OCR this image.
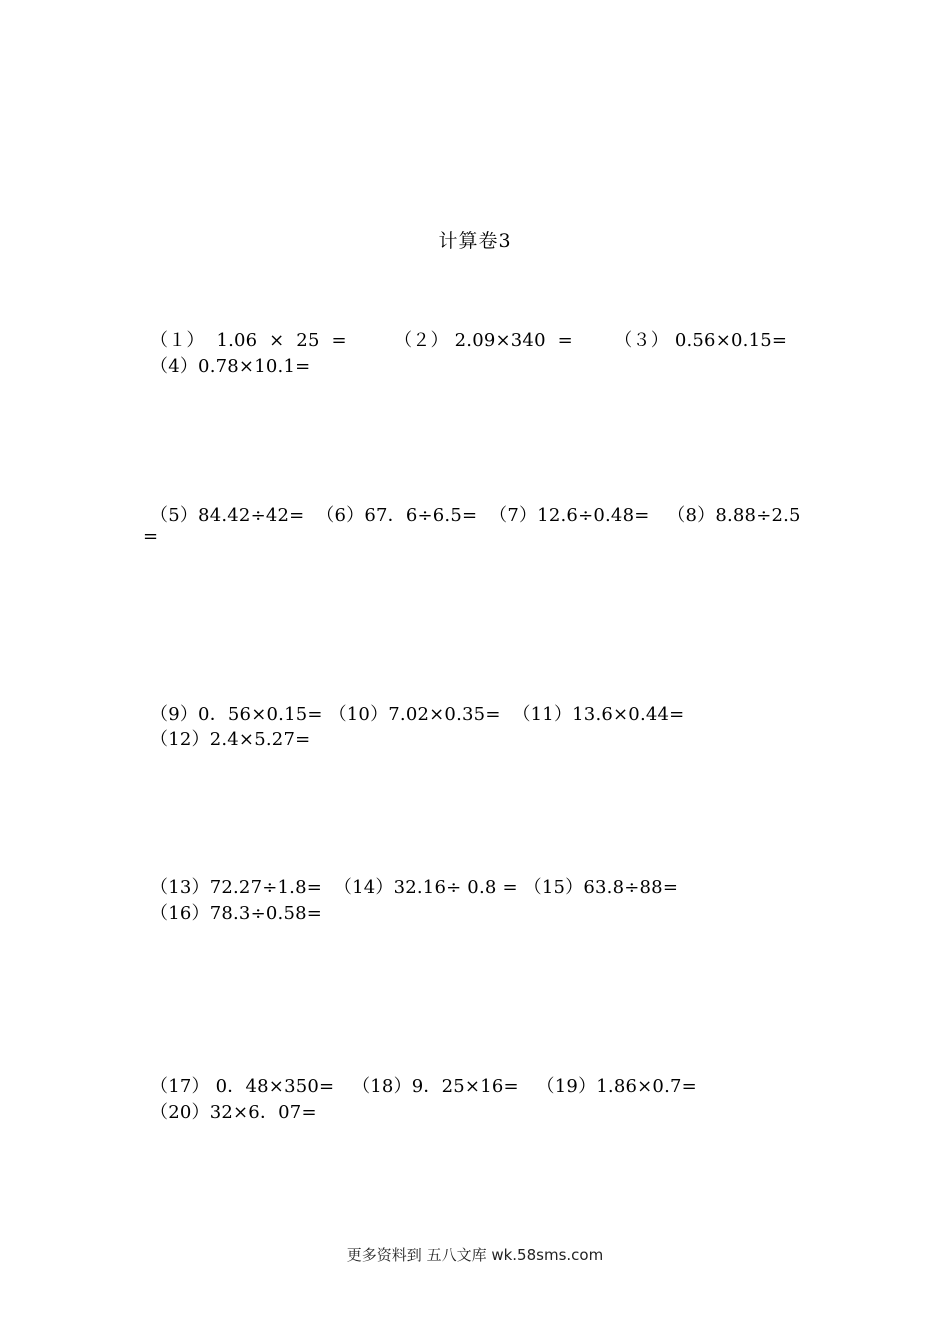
计算卷3
（１）  1.06  ×  25  =        （２） 2.09×340  =       （３） 0.56×0.15=
（4）0.78×10.1=
（5）84.42÷42=  （6）67．6÷6.5=  （7）12.6÷0.48=   （8）8.88÷2.5
=
（9）0．56×0.15= （10）7.02×0.35=  （11）13.6×0.44=
（12）2.4×5.27=
（13）72.27÷1.8=  （14）32.16÷ 0.8 = （15）63.8÷88=
（16）78.3÷0.58=
（17） 0．48×350=   （18）9．25×16=   （19）1.86×0.7=
（20）32×6．07=
更多资料到 五八文库 wk.58sms.com
